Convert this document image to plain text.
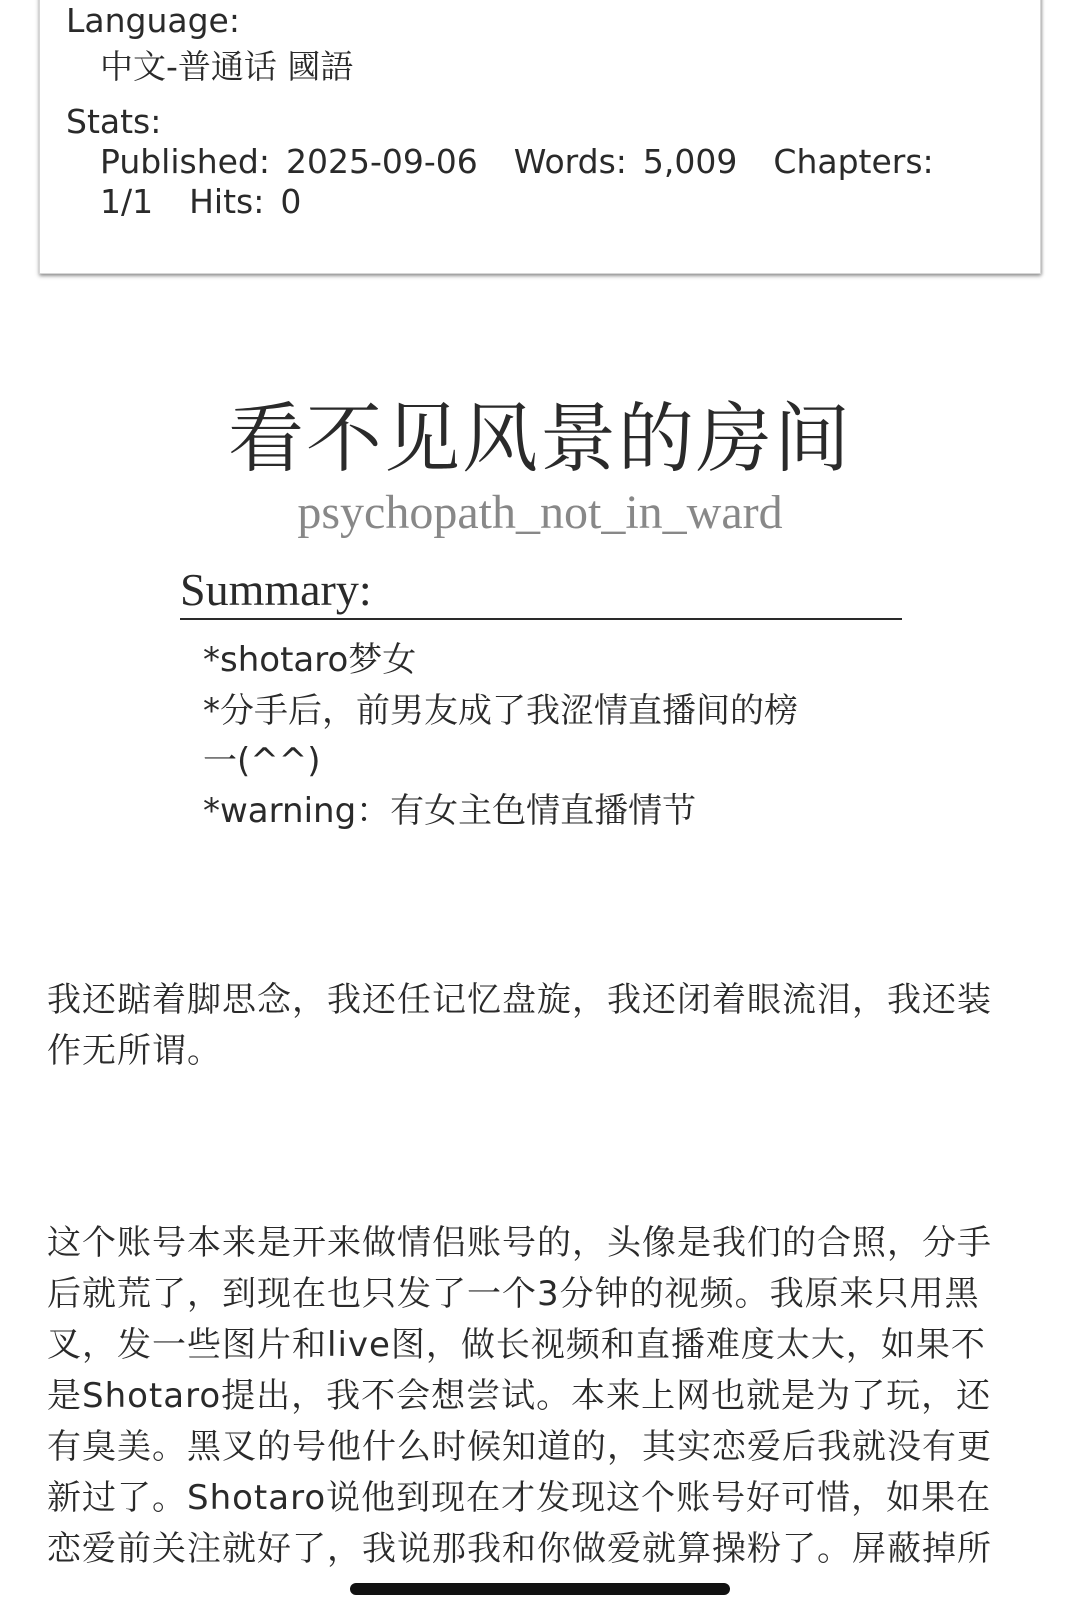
Language:
中文-普通话 國語
Stats:
Published: 2025-09-06 Words: 5,009 Chapters:
1/1 Hits: 0
看不见风景的房间
psychopath_not_in_ward
Summary:
*shotaro梦女
*分手后，前男友成了我涩情直播间的榜
一(^^)
*warning：有女主色情直播情节
我还踮着脚思念，我还任记忆盘旋，我还闭着眼流泪，我还装
作无所谓。
这个账号本来是开来做情侣账号的，头像是我们的合照，分手
后就荒了，到现在也只发了一个3分钟的视频。我原来只用黑
叉，发一些图片和live图，做长视频和直播难度太大，如果不
是Shotaro提出，我不会想尝试。本来上网也就是为了玩，还
有臭美。黑叉的号他什么时候知道的，其实恋爱后我就没有更
新过了。Shotaro说他到现在才发现这个账号好可惜，如果在
恋爱前关注就好了，我说那我和你做爱就算操粉了。屏蔽掉所
